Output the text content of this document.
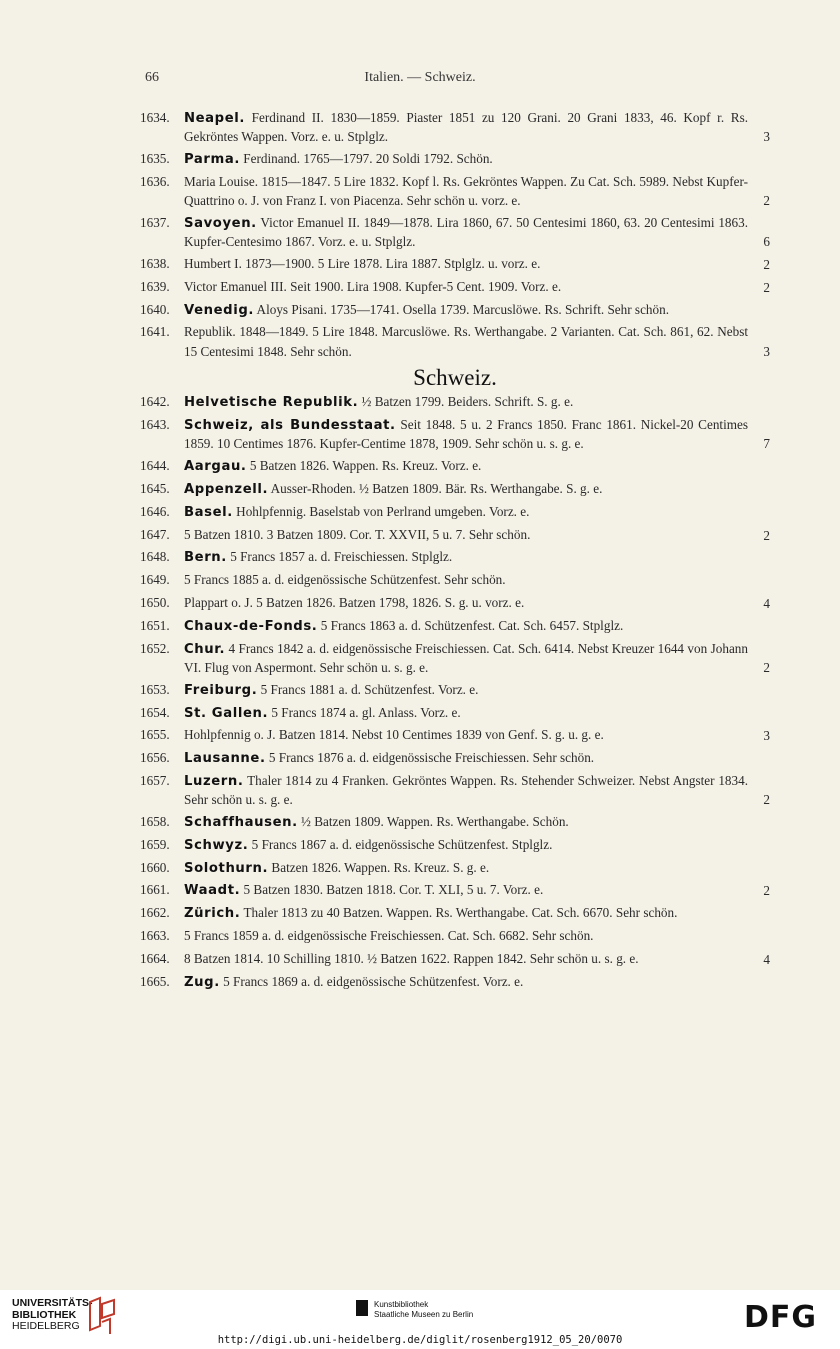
66	Italien. — Schweiz.
1634.	Neapel. Ferdinand II. 1830—1859. Piaster 1851 zu 120 Grani. 20 Grani 1833, 46. Kopf r. Rs. Gekröntes Wappen. Vorz. e. u. Stplglz.	3
1635.	Parma. Ferdinand. 1765—1797. 20 Soldi 1792. Schön.
1636.	Maria Louise. 1815—1847. 5 Lire 1832. Kopf l. Rs. Gekröntes Wappen. Zu Cat. Sch. 5989. Nebst Kupfer-Quattrino o. J. von Franz I. von Piacenza. Sehr schön u. vorz. e.	2
1637.	Savoyen. Victor Emanuel II. 1849—1878. Lira 1860, 67. 50 Centesimi 1860, 63. 20 Centesimi 1863. Kupfer-Centesimo 1867. Vorz. e. u. Stplglz.	6
1638.	Humbert I. 1873—1900. 5 Lire 1878. Lira 1887. Stplglz. u. vorz. e.	2
1639.	Victor Emanuel III. Seit 1900. Lira 1908. Kupfer-5 Cent. 1909. Vorz. e.	2
1640.	Venedig. Aloys Pisani. 1735—1741. Osella 1739. Marcuslöwe. Rs. Schrift. Sehr schön.
1641.	Republik. 1848—1849. 5 Lire 1848. Marcuslöwe. Rs. Werthangabe. 2 Varianten. Cat. Sch. 861, 62. Nebst 15 Centesimi 1848. Sehr schön.	3
Schweiz.
1642.	Helvetische Republik. ½ Batzen 1799. Beiders. Schrift. S. g. e.
1643.	Schweiz, als Bundesstaat. Seit 1848. 5 u. 2 Francs 1850. Franc 1861. Nickel-20 Centimes 1859. 10 Centimes 1876. Kupfer-Centime 1878, 1909. Sehr schön u. s. g. e.	7
1644.	Aargau. 5 Batzen 1826. Wappen. Rs. Kreuz. Vorz. e.
1645.	Appenzell. Ausser-Rhoden. ½ Batzen 1809. Bär. Rs. Werthangabe. S. g. e.
1646.	Basel. Hohlpfennig. Baselstab von Perlrand umgeben. Vorz. e.
1647.	5 Batzen 1810. 3 Batzen 1809. Cor. T. XXVII, 5 u. 7. Sehr schön.	2
1648.	Bern. 5 Francs 1857 a. d. Freischiessen. Stplglz.
1649.	5 Francs 1885 a. d. eidgenössische Schützenfest. Sehr schön.
1650.	Plappart o. J. 5 Batzen 1826. Batzen 1798, 1826. S. g. u. vorz. e.	4
1651.	Chaux-de-Fonds. 5 Francs 1863 a. d. Schützenfest. Cat. Sch. 6457. Stplglz.
1652.	Chur. 4 Francs 1842 a. d. eidgenössische Freischiessen. Cat. Sch. 6414. Nebst Kreuzer 1644 von Johann VI. Flug von Aspermont. Sehr schön u. s. g. e.	2
1653.	Freiburg. 5 Francs 1881 a. d. Schützenfest. Vorz. e.
1654.	St. Gallen. 5 Francs 1874 a. gl. Anlass. Vorz. e.
1655.	Hohlpfennig o. J. Batzen 1814. Nebst 10 Centimes 1839 von Genf. S. g. u. g. e.	3
1656.	Lausanne. 5 Francs 1876 a. d. eidgenössische Freischiessen. Sehr schön.
1657.	Luzern. Thaler 1814 zu 4 Franken. Gekröntes Wappen. Rs. Stehender Schweizer. Nebst Angster 1834. Sehr schön u. s. g. e.	2
1658.	Schaffhausen. ½ Batzen 1809. Wappen. Rs. Werthangabe. Schön.
1659.	Schwyz. 5 Francs 1867 a. d. eidgenössische Schützenfest. Stplglz.
1660.	Solothurn. Batzen 1826. Wappen. Rs. Kreuz. S. g. e.
1661.	Waadt. 5 Batzen 1830. Batzen 1818. Cor. T. XLI, 5 u. 7. Vorz. e.	2
1662.	Zürich. Thaler 1813 zu 40 Batzen. Wappen. Rs. Werthangabe. Cat. Sch. 6670. Sehr schön.
1663.	5 Francs 1859 a. d. eidgenössische Freischiessen. Cat. Sch. 6682. Sehr schön.
1664.	8 Batzen 1814. 10 Schilling 1810. ½ Batzen 1622. Rappen 1842. Sehr schön u. s. g. e.	4
1665.	Zug. 5 Francs 1869 a. d. eidgenössische Schützenfest. Vorz. e.
UNIVERSITÄTS-
BIBLIOTHEK
HEIDELBERG
Kunstbibliothek
Staatliche Museen zu Berlin	DFG
http://digi.ub.uni-heidelberg.de/diglit/rosenberg1912_05_20/0070
